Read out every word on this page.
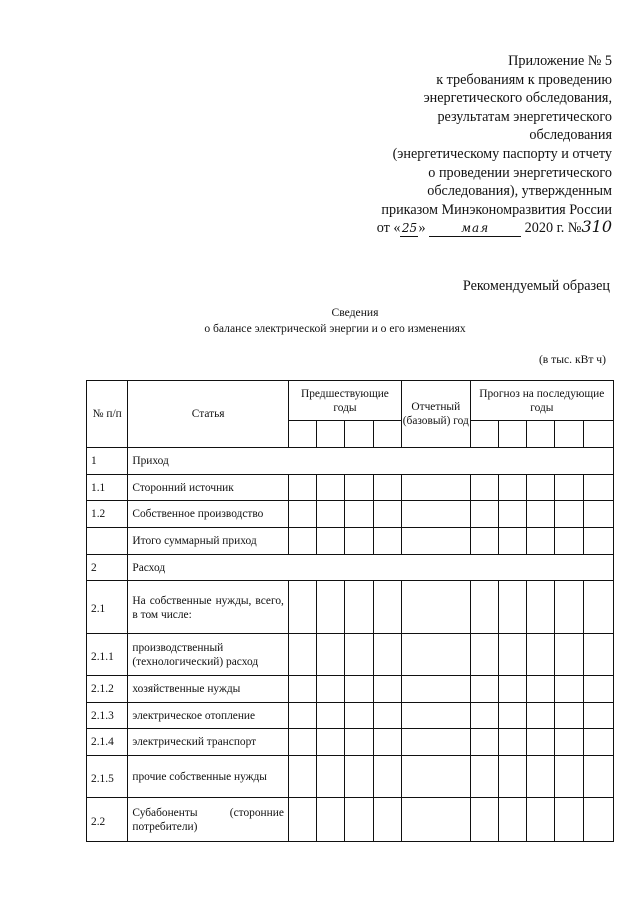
Приложение № 5
к требованиям к проведению
энергетического обследования,
результатам энергетического
обследования
(энергетическому паспорту и отчету
о проведении энергетического
обследования), утвержденным
приказом Минэкономразвития России
от «25»	мая	2020 г. №310
Рекомендуемый образец
Сведения
о балансе электрической энергии и о его изменениях
(в тыс. кВт ч)
№ п/п	Статья	Предшествующие годы				Отчетный (базовый) год	Прогноз на последующие годы				

1	Приход										
1.1	Сторонний источник										
1.2	Собственное производство										
	Итого суммарный приход										
2	Расход										
2.1	На собственные нужды, всего, в том числе:										
2.1.1	производственный (технологический) расход										
2.1.2	хозяйственные нужды										
2.1.3	электрическое отопление										
2.1.4	электрический транспорт										
2.1.5	прочие собственные нужды										
2.2	Субабоненты (сторонние потребители)										
